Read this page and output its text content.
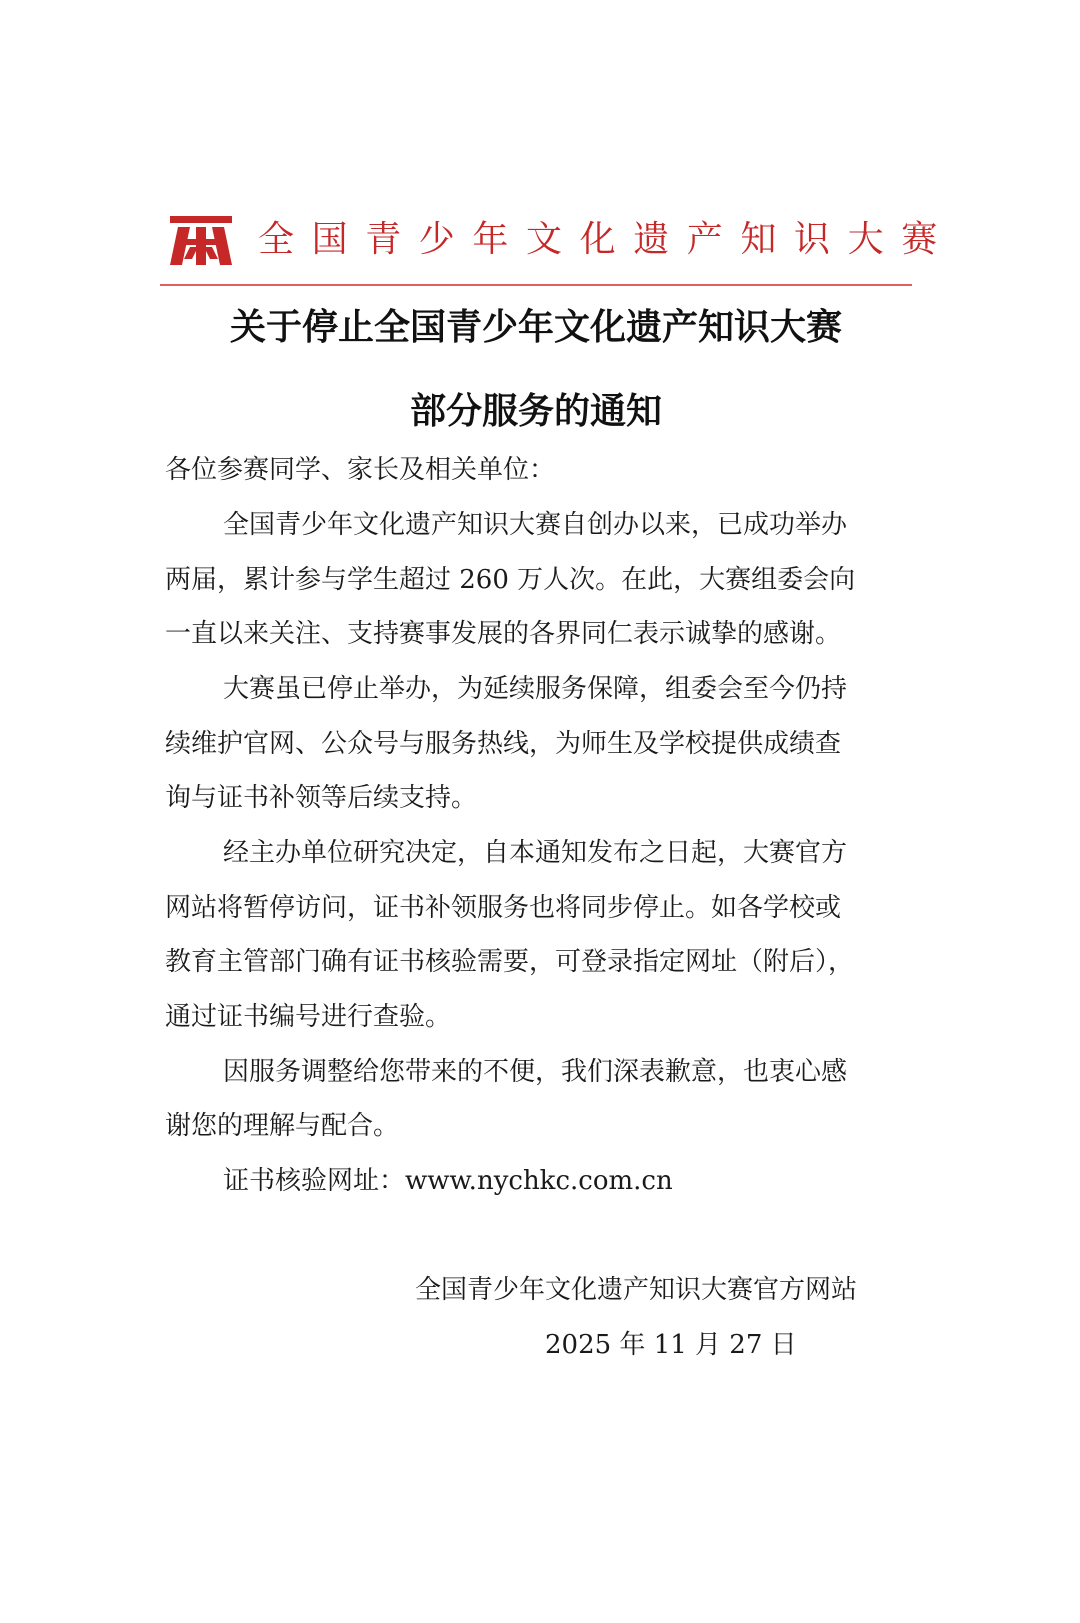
全国青少年文化遗产知识大赛
关于停止全国青少年文化遗产知识大赛
部分服务的通知
各位参赛同学、家长及相关单位：
全国青少年文化遗产知识大赛自创办以来，已成功举办
两届，累计参与学生超过 260 万人次。在此，大赛组委会向
一直以来关注、支持赛事发展的各界同仁表示诚挚的感谢。
大赛虽已停止举办，为延续服务保障，组委会至今仍持
续维护官网、公众号与服务热线，为师生及学校提供成绩查
询与证书补领等后续支持。
经主办单位研究决定，自本通知发布之日起，大赛官方
网站将暂停访问，证书补领服务也将同步停止。如各学校或
教育主管部门确有证书核验需要，可登录指定网址（附后），
通过证书编号进行查验。
因服务调整给您带来的不便，我们深表歉意，也衷心感
谢您的理解与配合。
证书核验网址：www.nychkc.com.cn
全国青少年文化遗产知识大赛官方网站
2025 年 11 月 27 日
